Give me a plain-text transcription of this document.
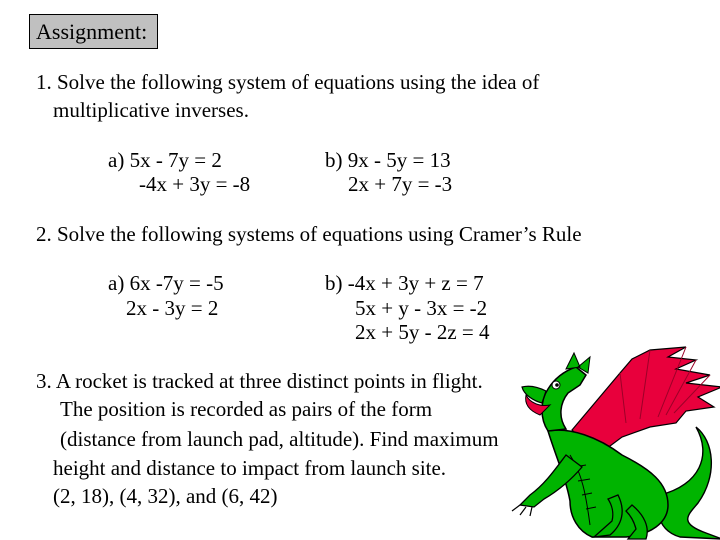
Assignment:
1. Solve the following system of equations using the idea of
multiplicative inverses.
a) 5x - 7y = 2
-4x + 3y = -8
b) 9x - 5y = 13
2x + 7y = -3
2. Solve the following systems of equations using Cramer’s Rule
a) 6x -7y = -5
2x - 3y = 2
b) -4x + 3y + z = 7
5x + y - 3x = -2
2x + 5y - 2z = 4
3. A rocket is tracked at three distinct points in flight.
The position is recorded as pairs of the form
(distance from launch pad, altitude). Find maximum
height and distance to impact from launch site.
(2, 18), (4, 32), and (6, 42)
